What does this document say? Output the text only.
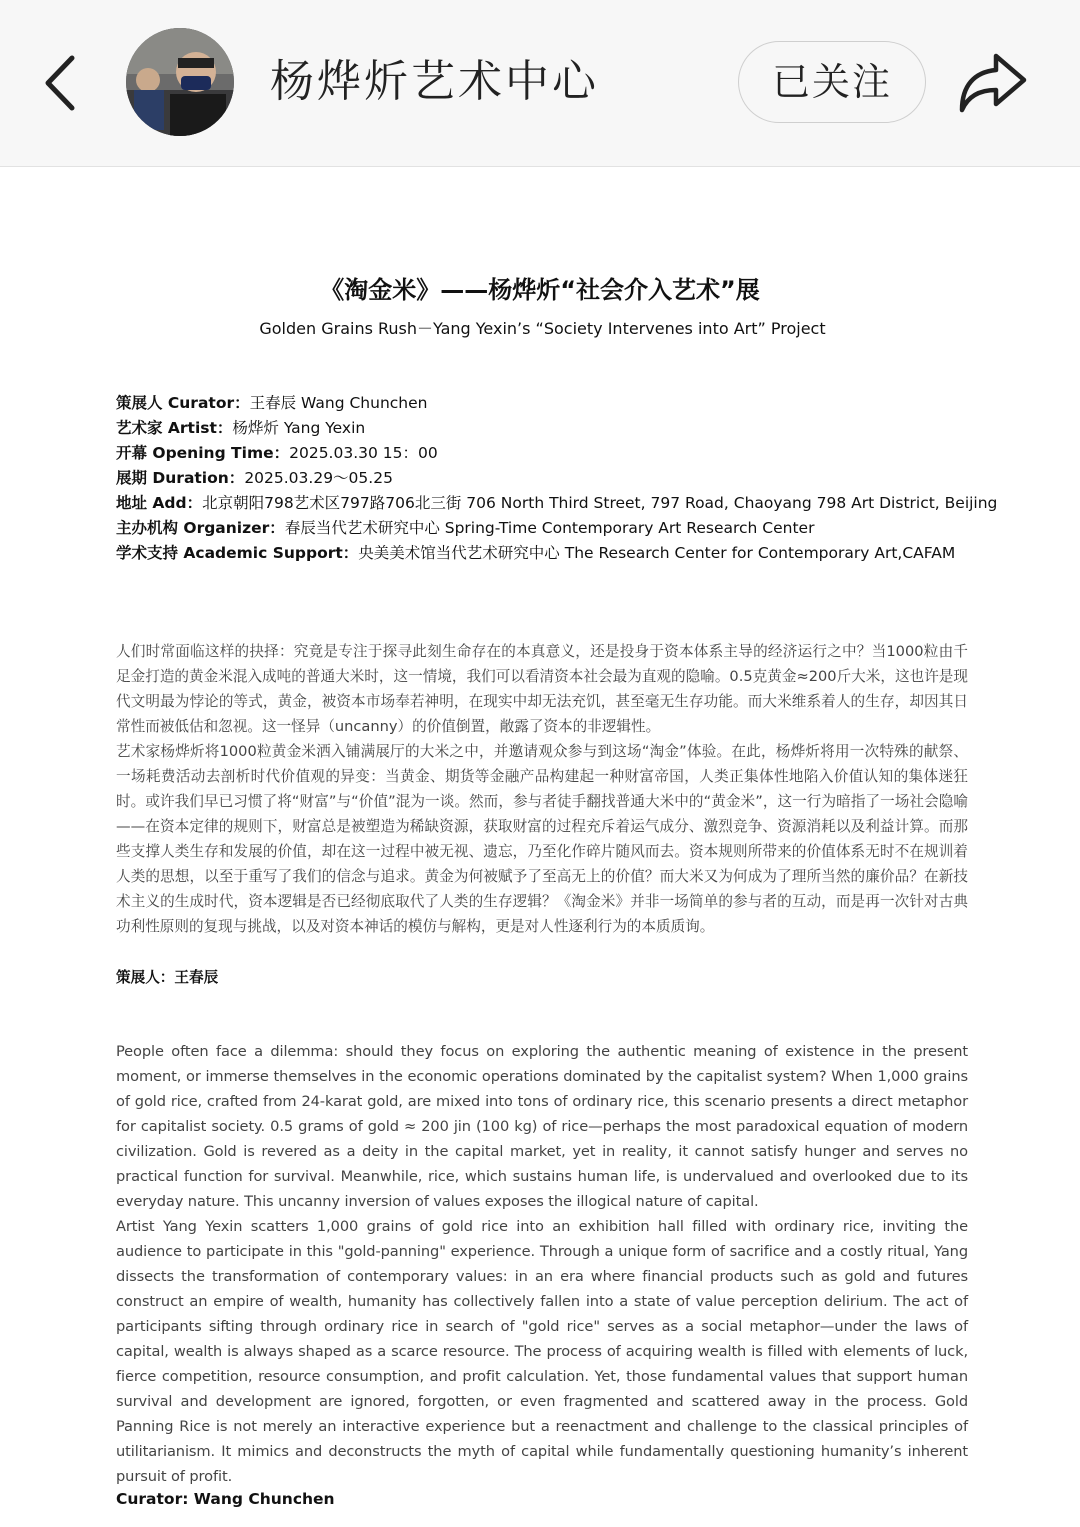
杨烨炘艺术中心	已关注
《淘金米》——杨烨炘“社会介入艺术”展
Golden Grains Rush－Yang Yexin’s “Society Intervenes into Art” Project
策展人 Curator：王春辰 Wang Chunchen
艺术家 Artist：杨烨炘 Yang Yexin
开幕 Opening Time：2025.03.30 15：00
展期 Duration：2025.03.29～05.25
地址 Add：北京朝阳798艺术区797路706北三街 706 North Third Street, 797 Road, Chaoyang 798 Art District, Beijing
主办机构 Organizer：春辰当代艺术研究中心 Spring-Time Contemporary Art Research Center
学术支持 Academic Support：央美美术馆当代艺术研究中心 The Research Center for Contemporary Art,CAFAM

人们时常面临这样的抉择：究竟是专注于探寻此刻生命存在的本真意义，还是投身于资本体系主导的经济运行之中？当1000粒由千足金打造的黄金米混入成吨的普通大米时，这一情境，我们可以看清资本社会最为直观的隐喻。0.5克黄金≈200斤大米，这也许是现代文明最为悖论的等式，黄金，被资本市场奉若神明，在现实中却无法充饥，甚至毫无生存功能。而大米维系着人的生存，却因其日常性而被低估和忽视。这一怪异（uncanny）的价值倒置，敞露了资本的非逻辑性。

艺术家杨烨炘将1000粒黄金米洒入铺满展厅的大米之中，并邀请观众参与到这场“淘金”体验。在此，杨烨炘将用一次特殊的献祭、一场耗费活动去剖析时代价值观的异变：当黄金、期货等金融产品构建起一种财富帝国，人类正集体性地陷入价值认知的集体迷狂时。或许我们早已习惯了将“财富”与“价值”混为一谈。然而，参与者徒手翻找普通大米中的“黄金米”，这一行为暗指了一场社会隐喻——在资本定律的规则下，财富总是被塑造为稀缺资源，获取财富的过程充斥着运气成分、激烈竞争、资源消耗以及利益计算。而那些支撑人类生存和发展的价值，却在这一过程中被无视、遗忘，乃至化作碎片随风而去。资本规则所带来的价值体系无时不在规训着人类的思想，以至于重写了我们的信念与追求。黄金为何被赋予了至高无上的价值？而大米又为何成为了理所当然的廉价品？在新技术主义的生成时代，资本逻辑是否已经彻底取代了人类的生存逻辑？《淘金米》并非一场简单的参与者的互动，而是再一次针对古典功利性原则的复现与挑战，以及对资本神话的模仿与解构，更是对人性逐利行为的本质质询。

策展人：王春辰

People often face a dilemma: should they focus on exploring the authentic meaning of existence in the present moment, or immerse themselves in the economic operations dominated by the capitalist system? When 1,000 grains of gold rice, crafted from 24-karat gold, are mixed into tons of ordinary rice, this scenario presents a direct metaphor for capitalist society. 0.5 grams of gold ≈ 200 jin (100 kg) of rice—perhaps the most paradoxical equation of modern civilization. Gold is revered as a deity in the capital market, yet in reality, it cannot satisfy hunger and serves no practical function for survival. Meanwhile, rice, which sustains human life, is undervalued and overlooked due to its everyday nature. This uncanny inversion of values exposes the illogical nature of capital.

Artist Yang Yexin scatters 1,000 grains of gold rice into an exhibition hall filled with ordinary rice, inviting the audience to participate in this "gold-panning" experience. Through a unique form of sacrifice and a costly ritual, Yang dissects the transformation of contemporary values: in an era where financial products such as gold and futures construct an empire of wealth, humanity has collectively fallen into a state of value perception delirium. The act of participants sifting through ordinary rice in search of "gold rice" serves as a social metaphor—under the laws of capital, wealth is always shaped as a scarce resource. The process of acquiring wealth is filled with elements of luck, fierce competition, resource consumption, and profit calculation. Yet, those fundamental values that support human survival and development are ignored, forgotten, or even fragmented and scattered away in the process. Gold Panning Rice is not merely an interactive experience but a reenactment and challenge to the classical principles of utilitarianism. It mimics and deconstructs the myth of capital while fundamentally questioning humanity’s inherent pursuit of profit.

Curator: Wang Chunchen
